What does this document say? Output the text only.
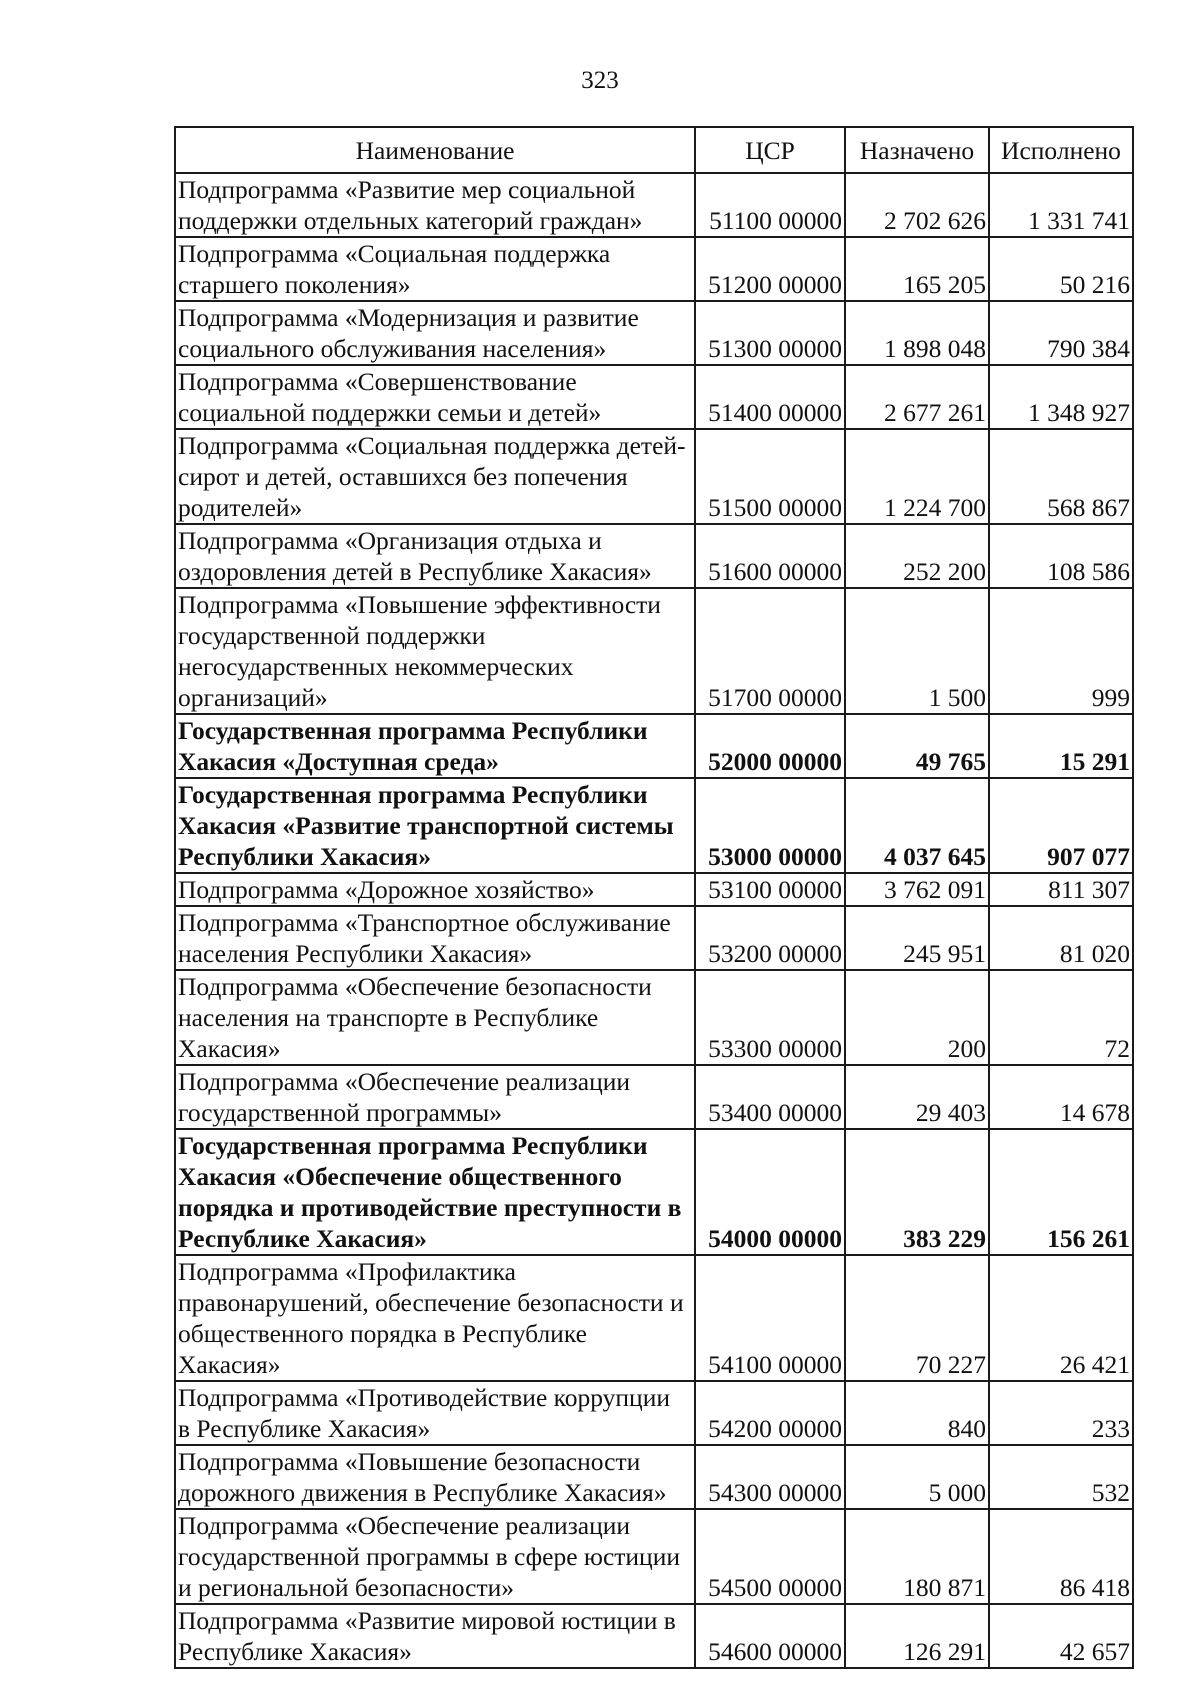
323
Наименование	ЦСР	Назначено	Исполнено
Подпрограмма «Развитие мер социальной поддержки отдельных категорий граждан»	51100 00000	2 702 626	1 331 741
Подпрограмма «Социальная поддержка старшего поколения»	51200 00000	165 205	50 216
Подпрограмма «Модернизация и развитие социального обслуживания населения»	51300 00000	1 898 048	790 384
Подпрограмма «Совершенствование социальной поддержки семьи и детей»	51400 00000	2 677 261	1 348 927
Подпрограмма «Социальная поддержка детей-сирот и детей, оставшихся без попечения родителей»	51500 00000	1 224 700	568 867
Подпрограмма «Организация отдыха и оздоровления детей в Республике Хакасия»	51600 00000	252 200	108 586
Подпрограмма «Повышение эффективности государственной поддержки негосударственных некоммерческих организаций»	51700 00000	1 500	999
Государственная программа Республики Хакасия «Доступная среда»	52000 00000	49 765	15 291
Государственная программа Республики Хакасия «Развитие транспортной системы Республики Хакасия»	53000 00000	4 037 645	907 077
Подпрограмма «Дорожное хозяйство»	53100 00000	3 762 091	811 307
Подпрограмма «Транспортное обслуживание населения Республики Хакасия»	53200 00000	245 951	81 020
Подпрограмма «Обеспечение безопасности населения на транспорте в Республике Хакасия»	53300 00000	200	72
Подпрограмма «Обеспечение реализации государственной программы»	53400 00000	29 403	14 678
Государственная программа Республики Хакасия «Обеспечение общественного порядка и противодействие преступности в Республике Хакасия»	54000 00000	383 229	156 261
Подпрограмма «Профилактика правонарушений, обеспечение безопасности и общественного порядка в Республике Хакасия»	54100 00000	70 227	26 421
Подпрограмма «Противодействие коррупции в Республике Хакасия»	54200 00000	840	233
Подпрограмма «Повышение безопасности дорожного движения в Республике Хакасия»	54300 00000	5 000	532
Подпрограмма «Обеспечение реализации государственной программы в сфере юстиции и региональной безопасности»	54500 00000	180 871	86 418
Подпрограмма «Развитие мировой юстиции в Республике Хакасия»	54600 00000	126 291	42 657
